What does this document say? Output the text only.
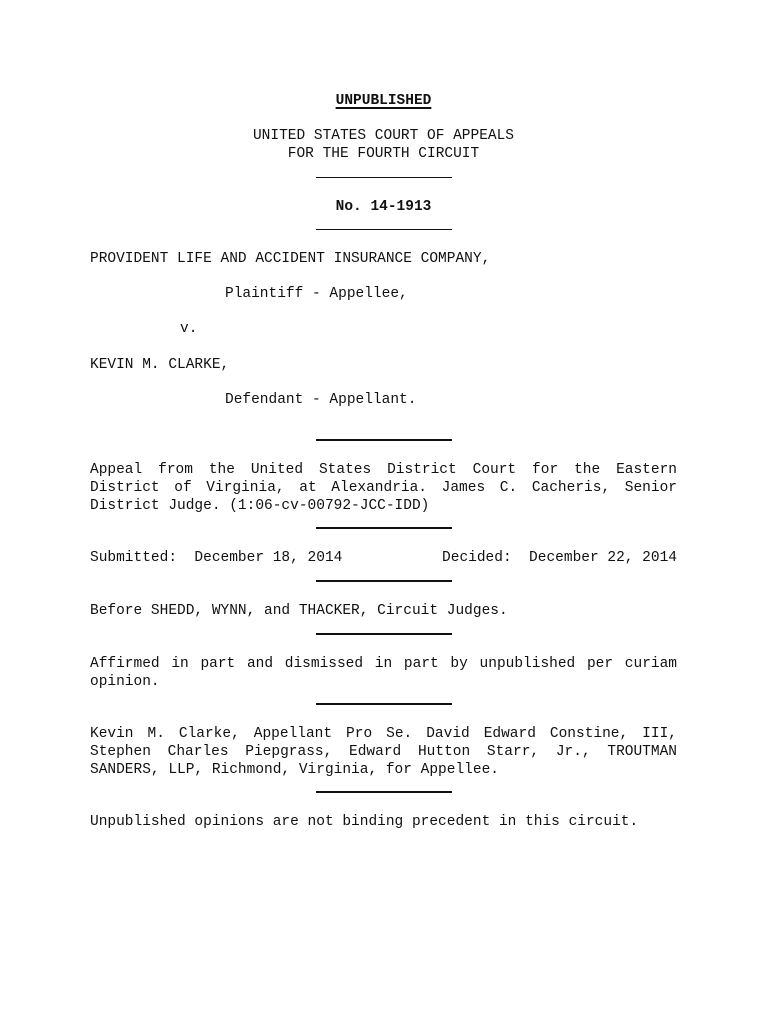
UNPUBLISHED
UNITED STATES COURT OF APPEALS
FOR THE FOURTH CIRCUIT
No. 14-1913
PROVIDENT LIFE AND ACCIDENT INSURANCE COMPANY,
Plaintiff - Appellee,
v.
KEVIN M. CLARKE,
Defendant - Appellant.
Appeal from the United States District Court for the Eastern District of Virginia, at Alexandria. James C. Cacheris, Senior District Judge. (1:06-cv-00792-JCC-IDD)
Submitted:  December 18, 2014	Decided:  December 22, 2014
Before SHEDD, WYNN, and THACKER, Circuit Judges.
Affirmed in part and dismissed in part by unpublished per curiam opinion.
Kevin M. Clarke, Appellant Pro Se. David Edward Constine, III, Stephen Charles Piepgrass, Edward Hutton Starr, Jr., TROUTMAN SANDERS, LLP, Richmond, Virginia, for Appellee.
Unpublished opinions are not binding precedent in this circuit.
